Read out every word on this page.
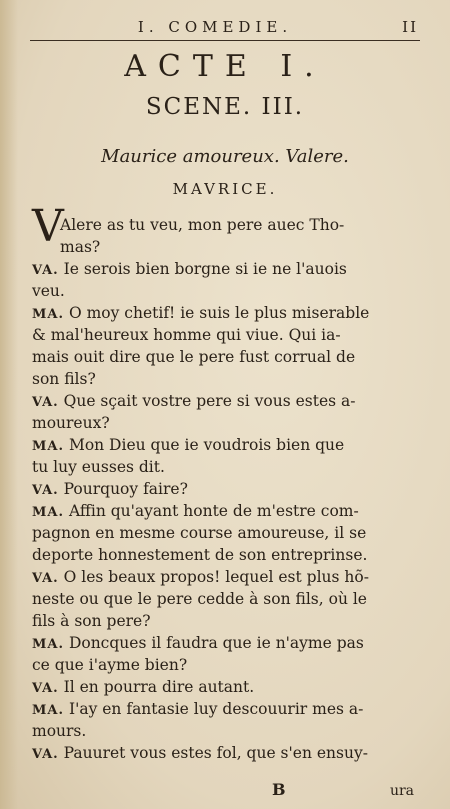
I. COMEDIE.	II
ACTE I.
SCENE. III.
Maurice amoureux. Valere.
MAVRICE.
V
Alere as tu veu, mon pere auec Tho-
mas?
VA. Ie serois bien borgne si ie ne l'auois
veu.
MA. O moy chetif! ie suis le plus miserable
& mal'heureux homme qui viue. Qui ia-
mais ouit dire que le pere fust corrual de
son fils?
VA. Que sçait vostre pere si vous estes a-
moureux?
MA. Mon Dieu que ie voudrois bien que
tu luy eusses dit.
VA. Pourquoy faire?
MA. Affin qu'ayant honte de m'estre com-
pagnon en mesme course amoureuse, il se
deporte honnestement de son entreprinse.
VA. O les beaux propos! lequel est plus hõ-
neste ou que le pere cedde à son fils, où le
fils à son pere?
MA. Doncques il faudra que ie n'ayme pas
ce que i'ayme bien?
VA. Il en pourra dire autant.
MA. I'ay en fantasie luy descouurir mes a-
mours.
VA. Pauuret vous estes fol, que s'en ensuy-
B	ura
